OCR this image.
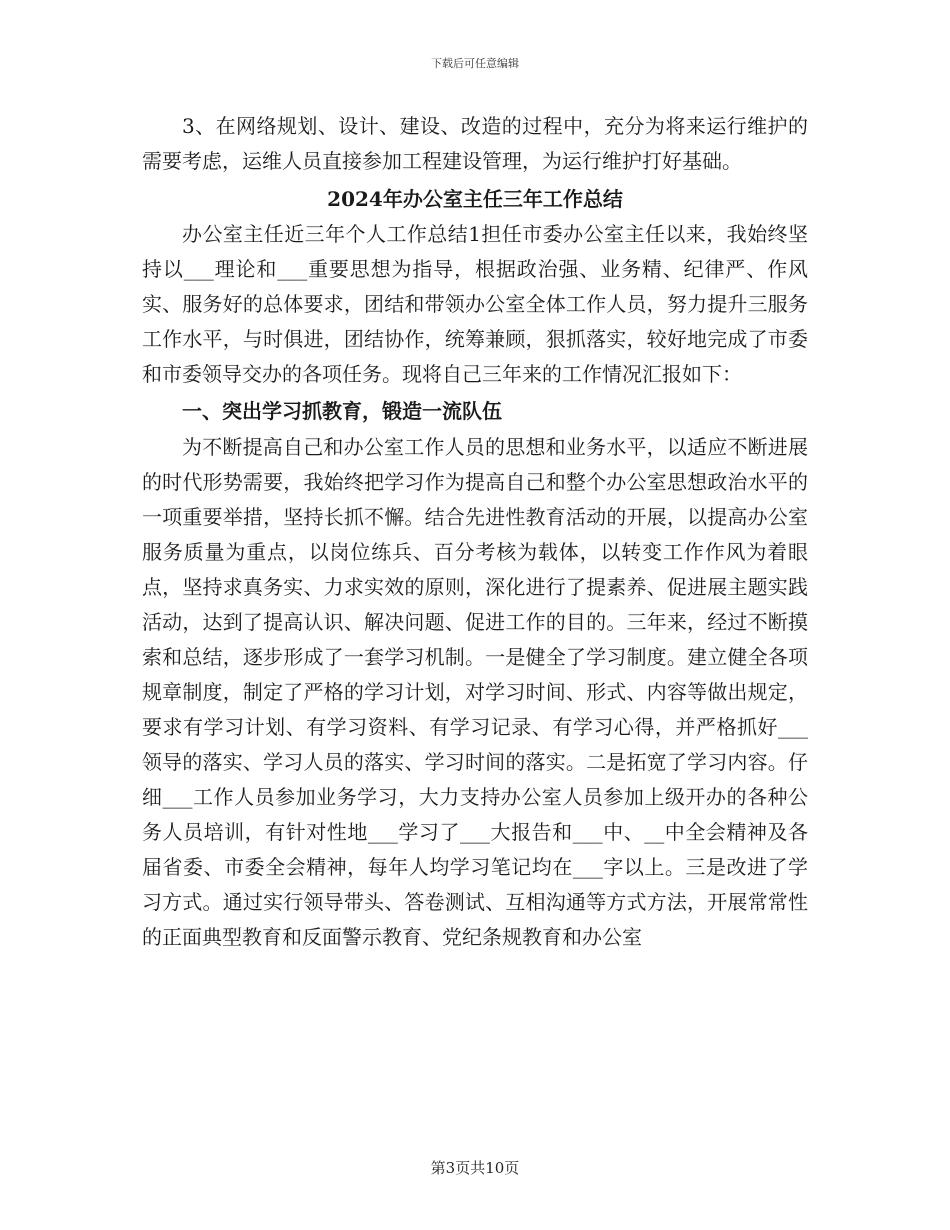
下载后可任意编辑

3、在网络规划、设计、建设、改造的过程中，充分为将来运行维护的需要考虑，运维人员直接参加工程建设管理，为运行维护打好基础。

2024年办公室主任三年工作总结

办公室主任近三年个人工作总结1担任市委办公室主任以来，我始终坚持以___理论和___重要思想为指导，根据政治强、业务精、纪律严、作风实、服务好的总体要求，团结和带领办公室全体工作人员，努力提升三服务工作水平，与时俱进，团结协作，统筹兼顾，狠抓落实，较好地完成了市委和市委领导交办的各项任务。现将自己三年来的工作情况汇报如下：

一、突出学习抓教育，锻造一流队伍

为不断提高自己和办公室工作人员的思想和业务水平，以适应不断进展的时代形势需要，我始终把学习作为提高自己和整个办公室思想政治水平的一项重要举措，坚持长抓不懈。结合先进性教育活动的开展，以提高办公室服务质量为重点，以岗位练兵、百分考核为载体，以转变工作作风为着眼点，坚持求真务实、力求实效的原则，深化进行了提素养、促进展主题实践活动，达到了提高认识、解决问题、促进工作的目的。三年来，经过不断摸索和总结，逐步形成了一套学习机制。一是健全了学习制度。建立健全各项规章制度，制定了严格的学习计划，对学习时间、形式、内容等做出规定，要求有学习计划、有学习资料、有学习记录、有学习心得，并严格抓好___领导的落实、学习人员的落实、学习时间的落实。二是拓宽了学习内容。仔细___工作人员参加业务学习，大力支持办公室人员参加上级开办的各种公务人员培训，有针对性地___学习了___大报告和___中、__中全会精神及各届省委、市委全会精神，每年人均学习笔记均在___字以上。三是改进了学习方式。通过实行领导带头、答卷测试、互相沟通等方式方法，开展常常性的正面典型教育和反面警示教育、党纪条规教育和办公室

第3页共10页
